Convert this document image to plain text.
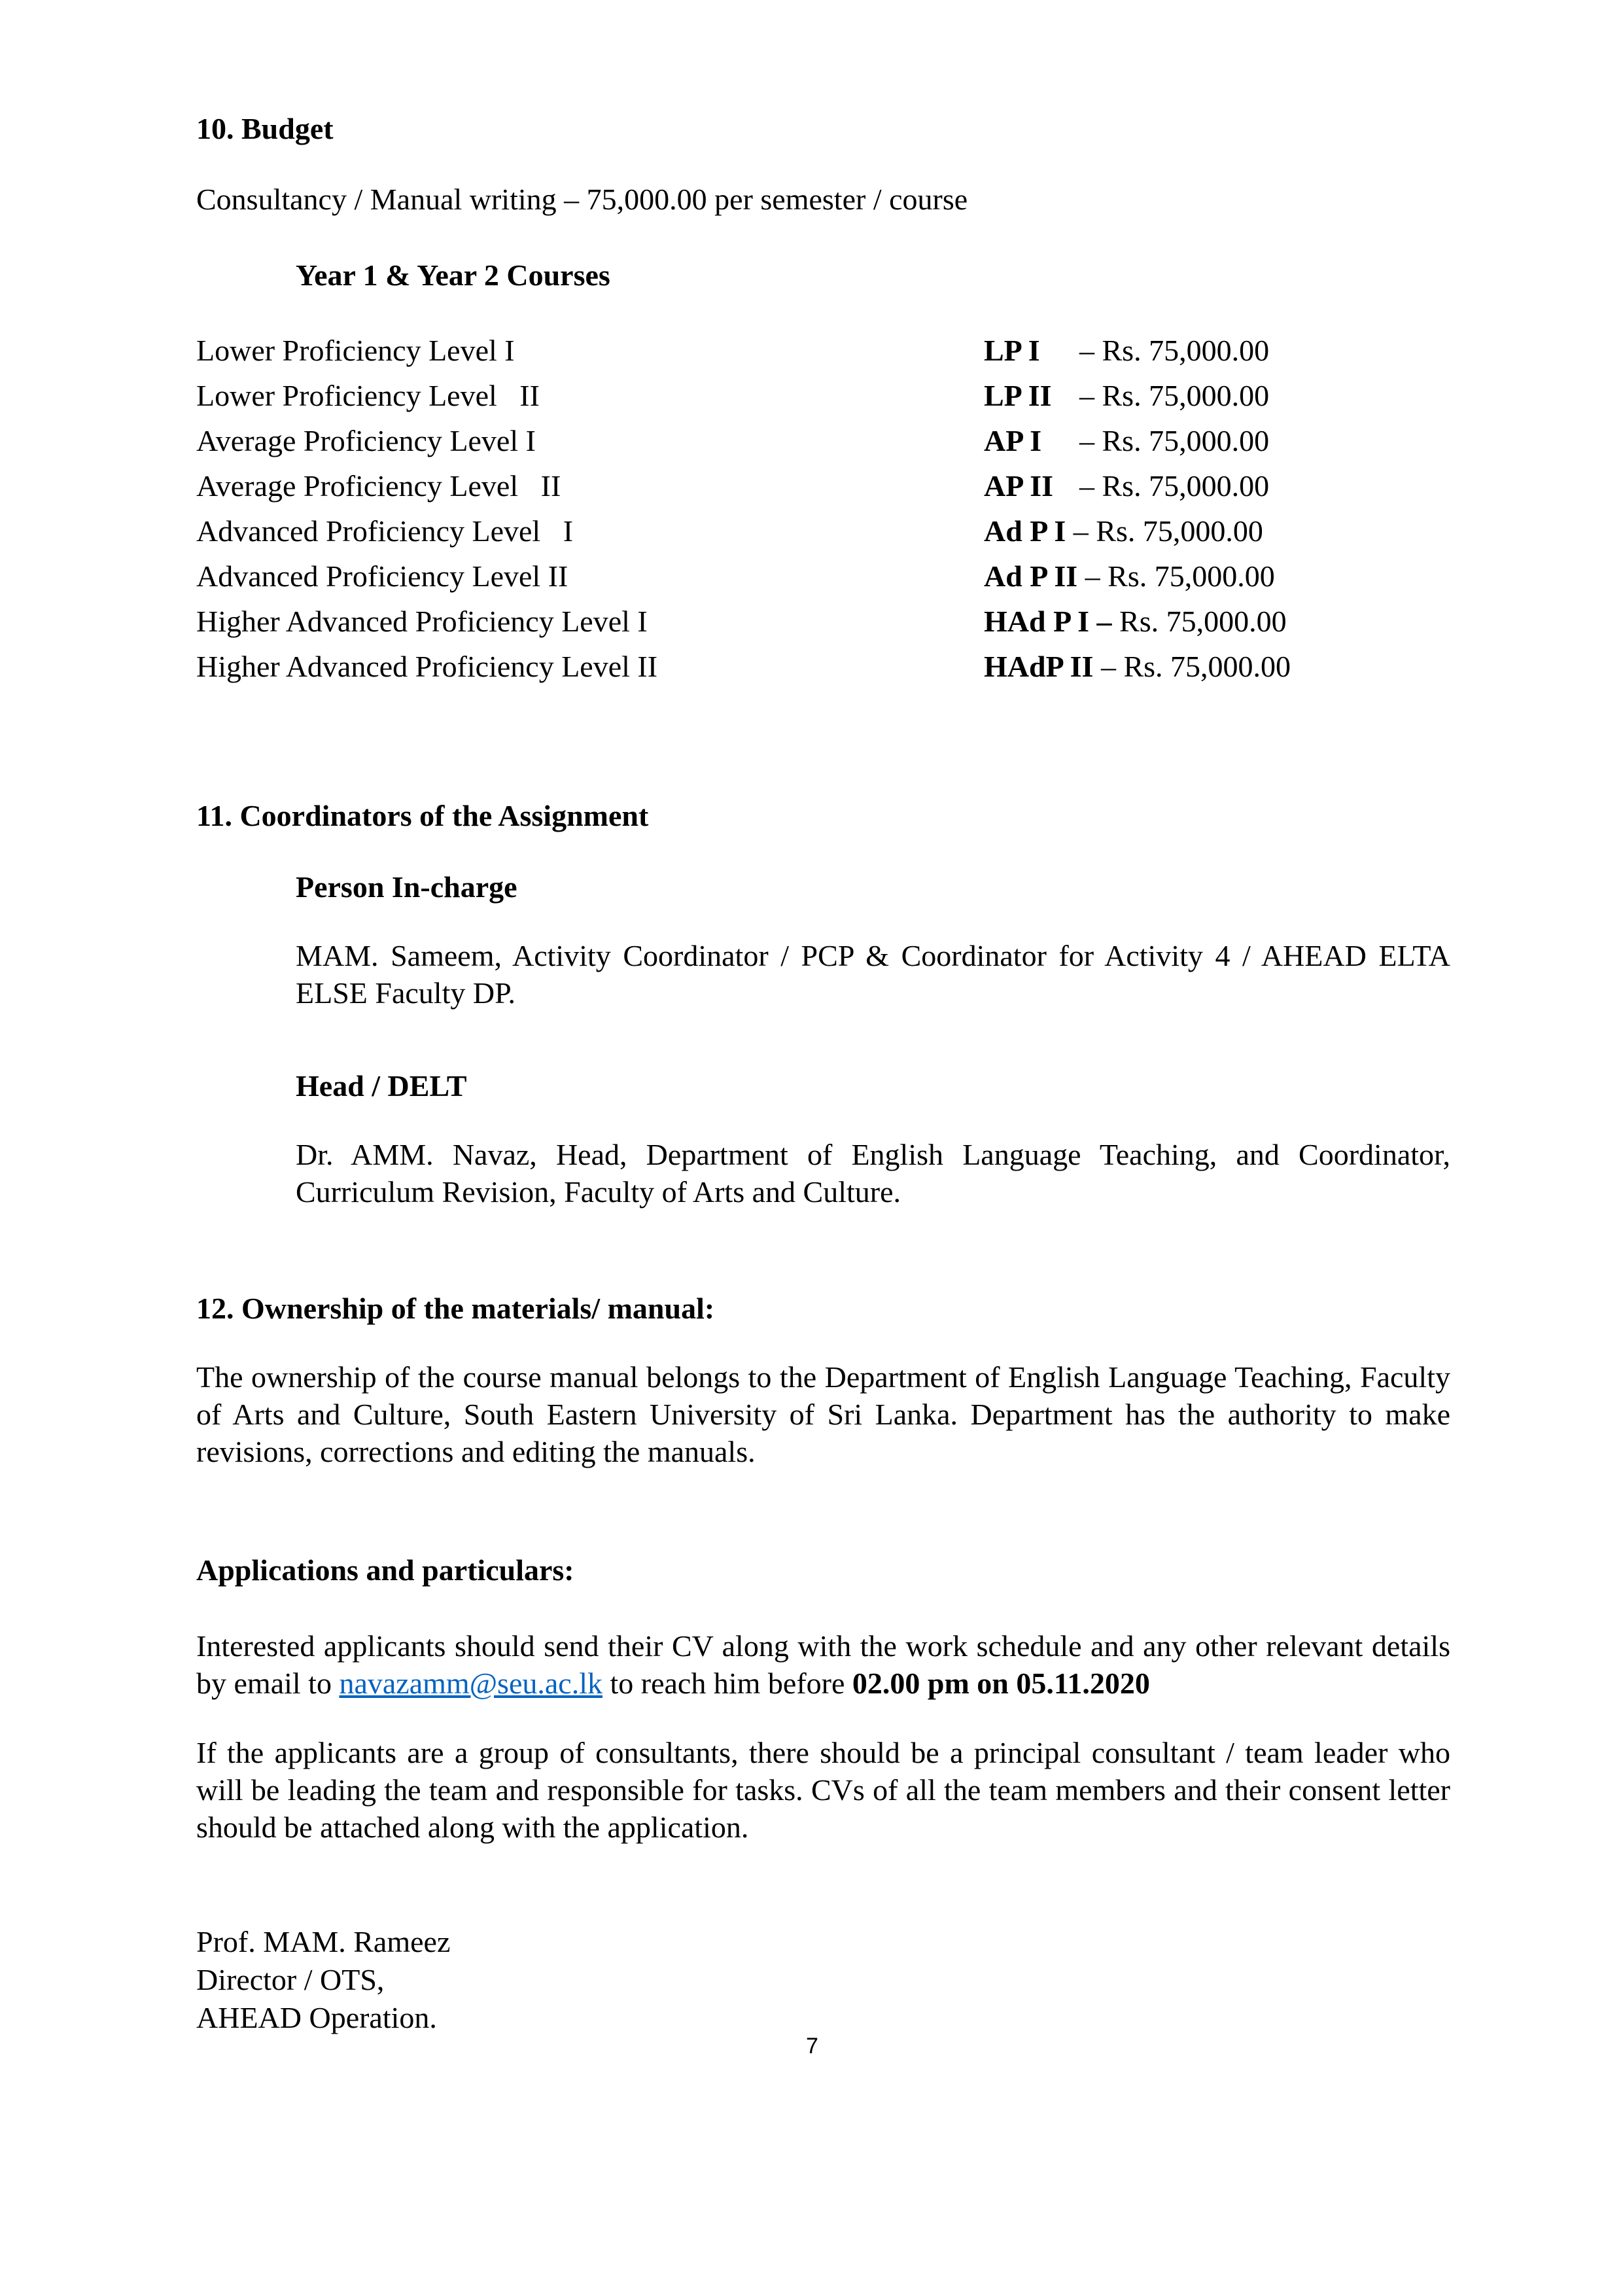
10. Budget
Consultancy / Manual writing – 75,000.00 per semester / course
Year 1 & Year 2 Courses
Lower Proficiency Level I	LP I – Rs. 75,000.00
Lower Proficiency Level   II	LP II – Rs. 75,000.00
Average Proficiency Level I	AP I – Rs. 75,000.00
Average Proficiency Level   II	AP II – Rs. 75,000.00
Advanced Proficiency Level   I	Ad P I – Rs. 75,000.00
Advanced Proficiency Level II	Ad P II – Rs. 75,000.00
Higher Advanced Proficiency Level I	HAd P I – Rs. 75,000.00
Higher Advanced Proficiency Level II	HAdP II – Rs. 75,000.00
11. Coordinators of the Assignment
Person In-charge
MAM. Sameem, Activity Coordinator / PCP & Coordinator for Activity 4 / AHEAD ELTA ELSE Faculty DP.
Head / DELT
Dr. AMM. Navaz, Head, Department of English Language Teaching, and Coordinator, Curriculum Revision, Faculty of Arts and Culture.
12. Ownership of the materials/ manual:
The ownership of the course manual belongs to the Department of English Language Teaching, Faculty of Arts and Culture, South Eastern University of Sri Lanka. Department has the authority to make revisions, corrections and editing the manuals.
Applications and particulars:
Interested applicants should send their CV along with the work schedule and any other relevant details by email to navazamm@seu.ac.lk to reach him before 02.00 pm on 05.11.2020
If the applicants are a group of consultants, there should be a principal consultant / team leader who will be leading the team and responsible for tasks. CVs of all the team members and their consent letter should be attached along with the application.
Prof. MAM. Rameez
Director / OTS,
AHEAD Operation.
7
